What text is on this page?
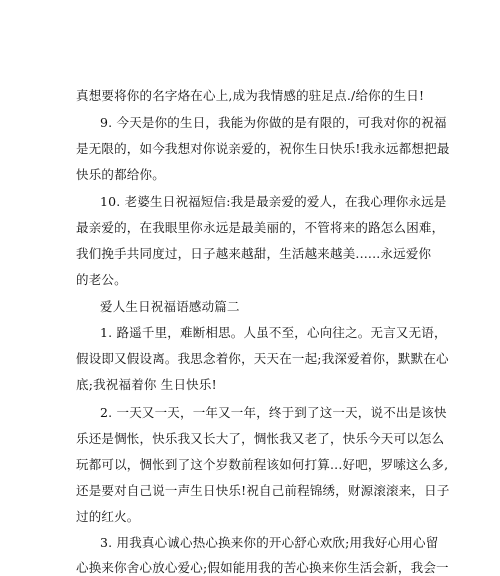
真想要将你的名字烙在心上,成为我情感的驻足点./给你的生日!
9. 今天是你的生日，我能为你做的是有限的，可我对你的祝福
是无限的，如今我想对你说亲爱的，祝你生日快乐!我永远都想把最
快乐的都给你。
10. 老婆生日祝福短信:我是最亲爱的爱人，在我心理你永远是
最亲爱的，在我眼里你永远是最美丽的，不管将来的路怎么困难，
我们挽手共同度过，日子越来越甜，生活越来越美......永远爱你
的老公。
爱人生日祝福语感动篇二
1. 路遥千里，难断相思。人虽不至，心向往之。无言又无语，
假设即又假设离。我思念着你，天天在一起;我深爱着你，默默在心
底;我祝福着你 生日快乐!
2. 一天又一天，一年又一年，终于到了这一天，说不出是该快
乐还是惆怅，快乐我又长大了，惆怅我又老了，快乐今天可以怎么
玩都可以，惆怅到了这个岁数前程该如何打算...好吧，罗嗦这么多,
还是要对自己说一声生日快乐!祝自己前程锦绣，财源滚滚来，日子
过的红火。
3. 用我真心诚心热心换来你的开心舒心欢欣;用我好心用心留
心换来你舍心放心爱心;假如能用我的苦心换来你生活会新，我会一
